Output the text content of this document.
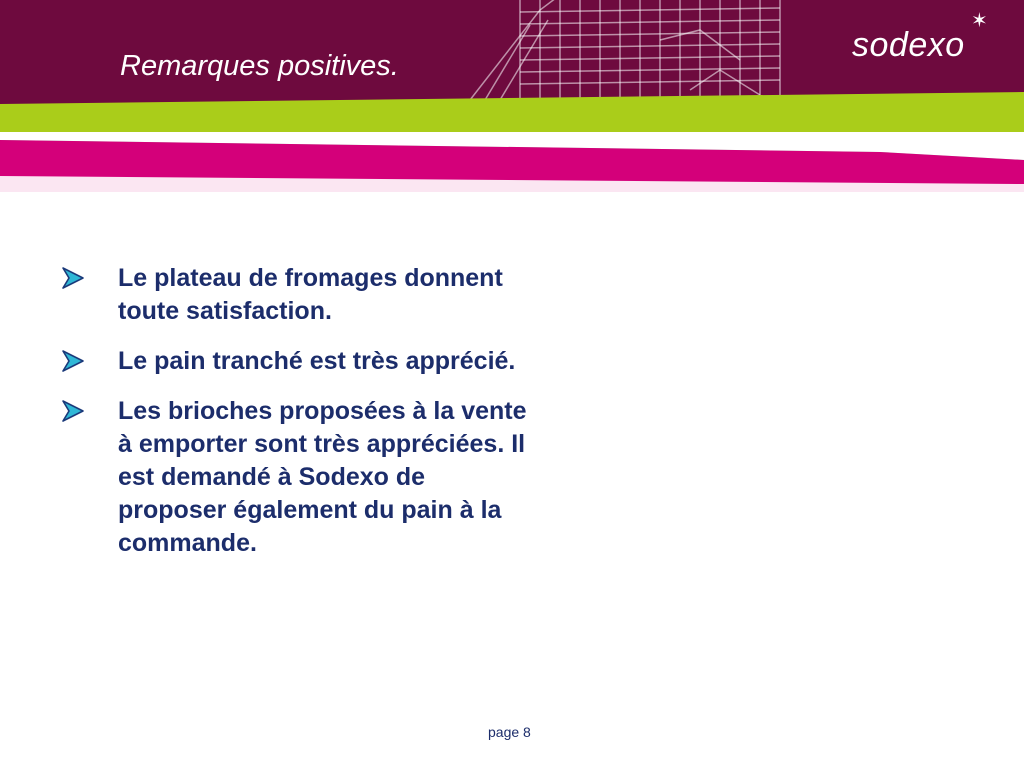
Remarques positives.
sodexo
✶
Le plateau de fromages donnent toute satisfaction.
Le pain tranché est très apprécié.
Les brioches proposées à la vente à emporter sont très appréciées. Il est demandé à Sodexo de proposer également du pain à la commande.
page 8
